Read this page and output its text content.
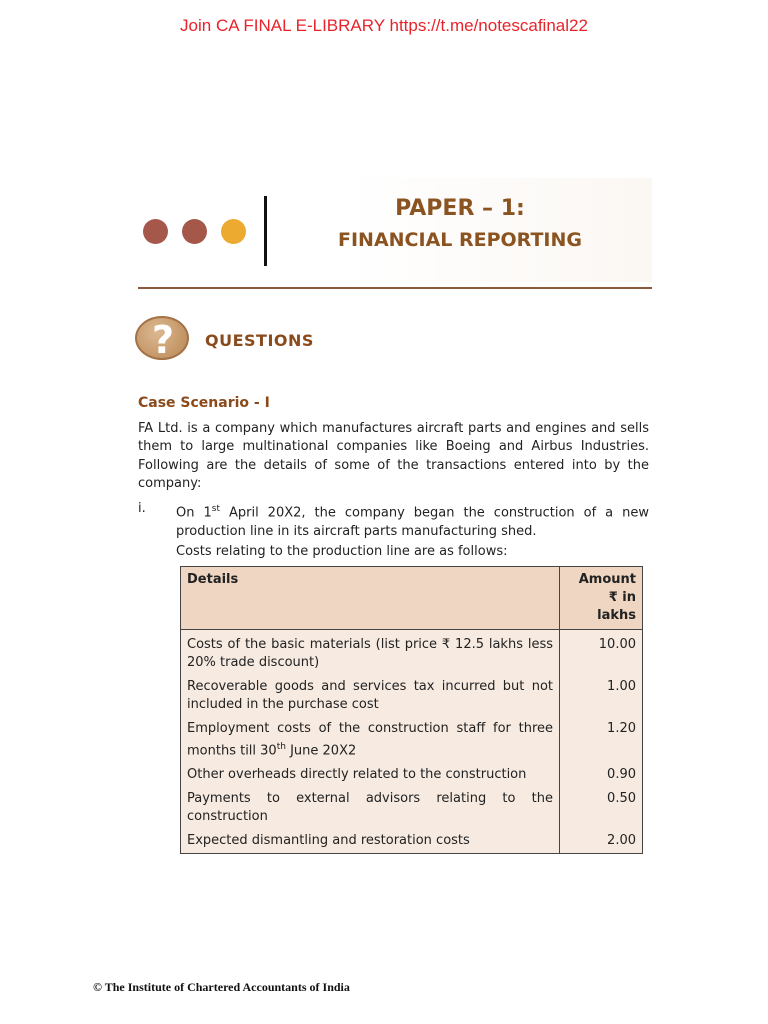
Join CA FINAL E-LIBRARY https://t.me/notescafinal22
PAPER – 1:
FINANCIAL REPORTING
? QUESTIONS
Case Scenario - I

FA Ltd. is a company which manufactures aircraft parts and engines and sells them to large multinational companies like Boeing and Airbus Industries. Following are the details of some of the transactions entered into by the company:

i. On 1st April 20X2, the company began the construction of a new production line in its aircraft parts manufacturing shed.

Costs relating to the production line are as follows:

Details	Amount
₹ in lakhs
Costs of the basic materials (list price ₹ 12.5 lakhs less 20% trade discount)	10.00
Recoverable goods and services tax incurred but not included in the purchase cost	1.00
Employment costs of the construction staff for three months till 30th June 20X2	1.20
Other overheads directly related to the construction	0.90
Payments to external advisors relating to the construction	0.50
Expected dismantling and restoration costs	2.00
© The Institute of Chartered Accountants of India
